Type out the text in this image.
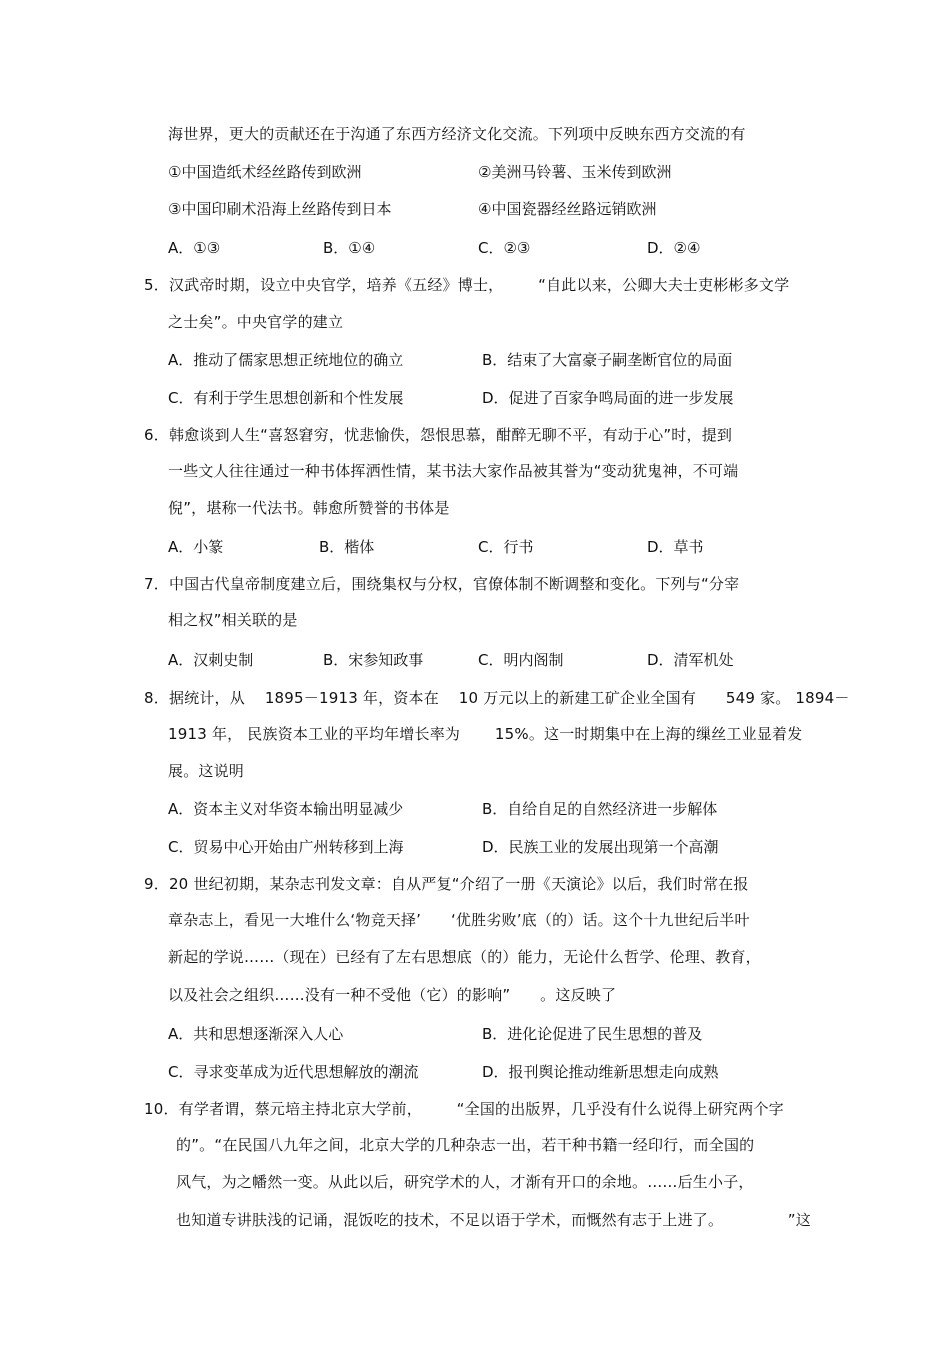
海世界，更大的贡献还在于沟通了东西方经济文化交流。下列项中反映东西方交流的有
①中国造纸术经丝路传到欧洲	②美洲马铃薯、玉米传到欧洲
③中国印刷术沿海上丝路传到日本	④中国瓷器经丝路远销欧洲
A．①③	B．①④	C．②③	D．②④
5．汉武帝时期，设立中央官学，培养《五经》博士，       “自此以来，公卿大夫士吏彬彬多文学
之士矣”。中央官学的建立
A．推动了儒家思想正统地位的确立	B．结束了大富豪子嗣垄断官位的局面
C．有利于学生思想创新和个性发展	D．促进了百家争鸣局面的进一步发展
6．韩愈谈到人生“喜怒窘穷，忧悲愉佚，怨恨思慕，酣醉无聊不平，有动于心”时，提到
一些文人往往通过一种书体挥洒性情，某书法大家作品被其誉为“变动犹鬼神，不可端
倪”，堪称一代法书。韩愈所赞誉的书体是
A．小篆	B．楷体	C．行书	D．草书
7．中国古代皇帝制度建立后，围绕集权与分权，官僚体制不断调整和变化。下列与“分宰
相之权”相关联的是
A．汉刺史制	B．宋参知政事	C．明内阁制	D．清军机处
8．据统计，从    1895－1913 年，资本在    10 万元以上的新建工矿企业全国有      549 家。 1894－
1913 年， 民族资本工业的平均年增长率为       15%。这一时期集中在上海的缫丝工业显着发
展。这说明
A．资本主义对华资本输出明显减少	B．自给自足的自然经济进一步解体
C．贸易中心开始由广州转移到上海	D．民族工业的发展出现第一个高潮
9．20 世纪初期，某杂志刊发文章：自从严复“介绍了一册《天演论》以后，我们时常在报
章杂志上，看见一大堆什么‘物竞天择’      ‘优胜劣败’底（的）话。这个十九世纪后半叶
新起的学说……（现在）已经有了左右思想底（的）能力，无论什么哲学、伦理、教育，
以及社会之组织……没有一种不受他（它）的影响”      。这反映了
A．共和思想逐渐深入人心	B．进化论促进了民生思想的普及
C．寻求变革成为近代思想解放的潮流	D．报刊舆论推动维新思想走向成熟
10．有学者谓，蔡元培主持北京大学前，       “全国的出版界，几乎没有什么说得上研究两个字
的”。“在民国八九年之间，北京大学的几种杂志一出，若干种书籍一经印行，而全国的
风气，为之幡然一变。从此以后，研究学术的人，才渐有开口的余地。……后生小子，
也知道专讲肤浅的记诵，混饭吃的技术，不足以语于学术，而慨然有志于上进了。             ”这
